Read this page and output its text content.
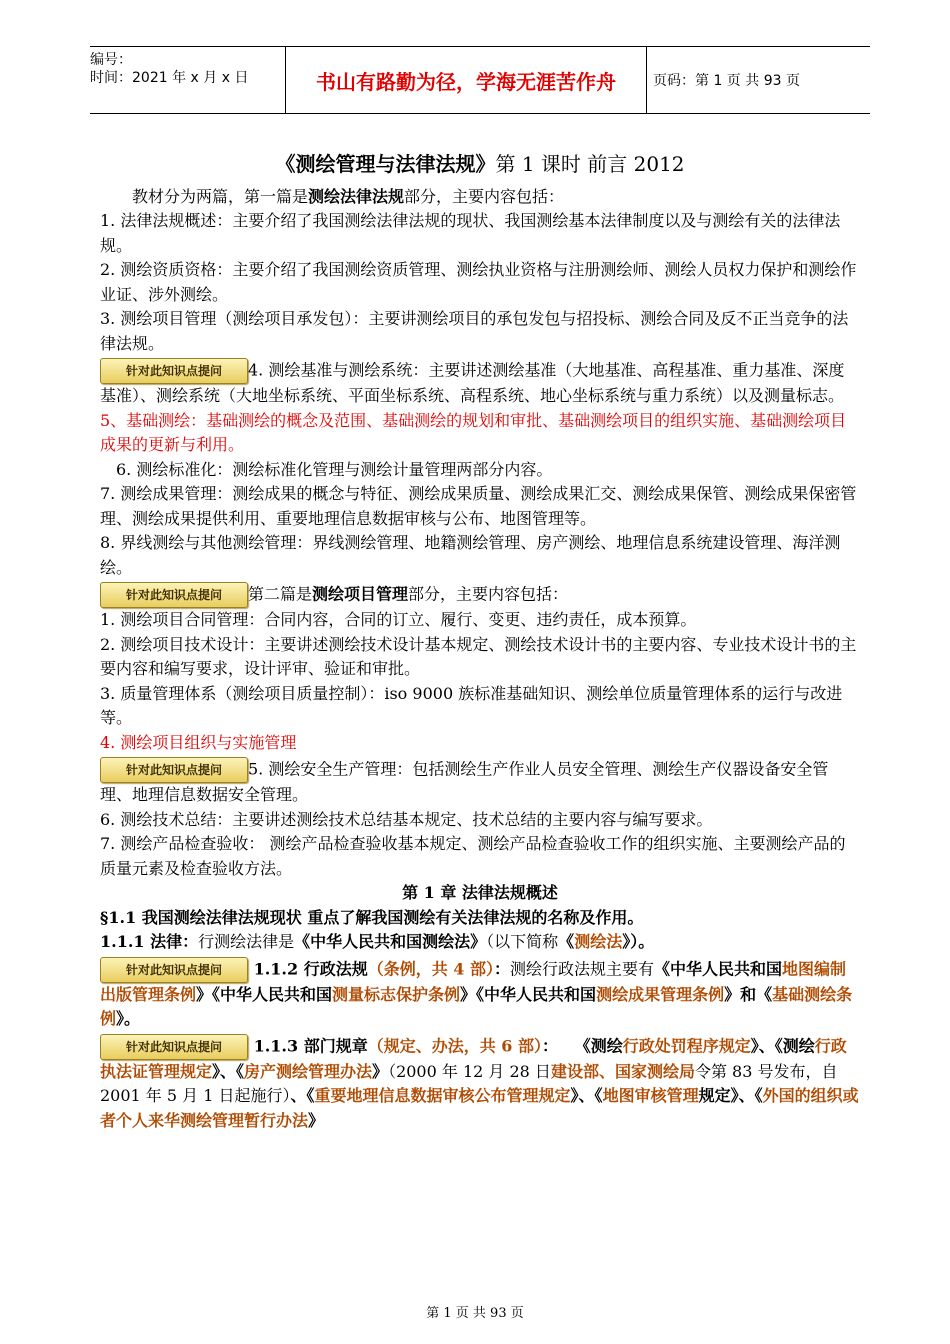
编号：
时间：2021 年 x 月 x 日	书山有路勤为径，学海无涯苦作舟	页码：第 1 页 共 93 页
《测绘管理与法律法规》第 1 课时 前言 2012

教材分为两篇，第一篇是测绘法律法规部分，主要内容包括：

1. 法律法规概述：主要介绍了我国测绘法律法规的现状、我国测绘基本法律制度以及与测绘有关的法律法规。

2. 测绘资质资格：主要介绍了我国测绘资质管理、测绘执业资格与注册测绘师、测绘人员权力保护和测绘作业证、涉外测绘。

3. 测绘项目管理（测绘项目承发包）：主要讲测绘项目的承包发包与招投标、测绘合同及反不正当竞争的法律法规。

针对此知识点提问 4. 测绘基准与测绘系统：主要讲述测绘基准（大地基准、高程基准、重力基准、深度基准）、测绘系统（大地坐标系统、平面坐标系统、高程系统、地心坐标系统与重力系统）以及测量标志。

5、基础测绘：基础测绘的概念及范围、基础测绘的规划和审批、基础测绘项目的组织实施、基础测绘项目成果的更新与利用。

6. 测绘标准化：测绘标准化管理与测绘计量管理两部分内容。

7. 测绘成果管理：测绘成果的概念与特征、测绘成果质量、测绘成果汇交、测绘成果保管、测绘成果保密管理、测绘成果提供利用、重要地理信息数据审核与公布、地图管理等。

8. 界线测绘与其他测绘管理：界线测绘管理、地籍测绘管理、房产测绘、地理信息系统建设管理、海洋测绘。

针对此知识点提问 第二篇是测绘项目管理部分，主要内容包括：

1. 测绘项目合同管理：合同内容，合同的订立、履行、变更、违约责任，成本预算。

2. 测绘项目技术设计：主要讲述测绘技术设计基本规定、测绘技术设计书的主要内容、专业技术设计书的主要内容和编写要求，设计评审、验证和审批。

3. 质量管理体系（测绘项目质量控制）：iso 9000 族标准基础知识、测绘单位质量管理体系的运行与改进等。

4. 测绘项目组织与实施管理

针对此知识点提问 5. 测绘安全生产管理：包括测绘生产作业人员安全管理、测绘生产仪器设备安全管理、地理信息数据安全管理。

6. 测绘技术总结：主要讲述测绘技术总结基本规定、技术总结的主要内容与编写要求。

7. 测绘产品检查验收： 测绘产品检查验收基本规定、测绘产品检查验收工作的组织实施、主要测绘产品的质量元素及检查验收方法。

第 1 章 法律法规概述

§1.1 我国测绘法律法规现状 重点了解我国测绘有关法律法规的名称及作用。

1.1.1 法律：行测绘法律是《中华人民共和国测绘法》（以下简称《测绘法》）。

针对此知识点提问 1.1.2 行政法规（条例，共 4 部）：测绘行政法规主要有《中华人民共和国地图编制出版管理条例》《中华人民共和国测量标志保护条例》《中华人民共和国测绘成果管理条例》和《基础测绘条例》。

针对此知识点提问 1.1.3 部门规章（规定、办法，共 6 部）： 《测绘行政处罚程序规定》、《测绘行政执法证管理规定》、《房产测绘管理办法》（2000 年 12 月 28 日建设部、国家测绘局令第 83 号发布，自 2001 年 5 月 1 日起施行）、《重要地理信息数据审核公布管理规定》、《地图审核管理规定》、《外国的组织或者个人来华测绘管理暂行办法》

第 1 页 共 93 页
